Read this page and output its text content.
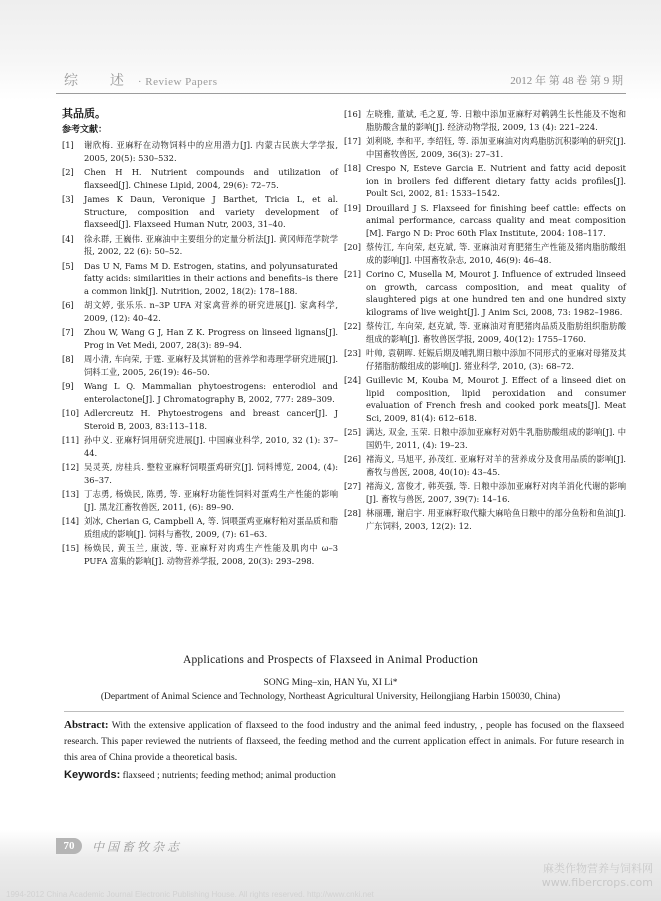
综 述· Review Papers	2012 年 第 48 卷 第 9 期
其品质。
参考文献：
[1] 谢欣梅. 亚麻籽在动物饲料中的应用潜力[J]. 内蒙古民族大学学报, 2005, 20(5): 530–532.
[2] Chen H H. Nutrient compounds and utilization of flaxseed[J]. Chinese Lipid, 2004, 29(6): 72–75.
[3] James K Daun, Veronique J Barthet, Tricia L, et al. Structure, composition and variety development of flaxseed[J]. Flaxseed Human Nutr, 2003, 31–40.
[4] 徐永群, 王巍伟. 亚麻油中主要组分的定量分析法[J]. 黄冈师范学院学报, 2002, 22 (6): 50–52.
[5] Das U N, Fams M D. Estrogen, statins, and polyunsaturated fatty acids: similarities in their actions and benefits–is there a common link[J]. Nutrition, 2002, 18(2): 178–188.
[6] 胡文婷, 张乐乐. n–3P UFA 对家禽营养的研究进展[J]. 家禽科学, 2009, (12): 40–42.
[7] Zhou W, Wang G J, Han Z K. Progress on linseed lignans[J]. Prog in Vet Medi, 2007, 28(3): 89–94.
[8] 周小清, 车向荣, 于霆. 亚麻籽及其饼粕的营养学和毒理学研究进展[J]. 饲料工业, 2005, 26(19): 46–50.
[9] Wang L Q. Mammalian phytoestrogens: enterodiol and enterolactone[J]. J Chromatography B, 2002, 777: 289–309.
[10] Adlercreutz H. Phytoestrogens and breast cancer[J]. J Steroid B, 2003, 83:113–118.
[11] 孙中义. 亚麻籽饲用研究进展[J]. 中国麻业科学, 2010, 32 (1): 37–44.
[12] 吴灵英, 房桂兵. 整粒亚麻籽饲喂蛋鸡研究[J]. 饲料博览, 2004, (4): 36–37.
[13] 丁志勇, 杨焕民, 陈勇, 等. 亚麻籽功能性饲料对蛋鸡生产性能的影响[J]. 黑龙江畜牧兽医, 2011, (6): 89–90.
[14] 刘冰, Cherian G, Campbell A, 等. 饲喂蛋鸡亚麻籽粕对蛋品质和脂质组成的影响[J]. 饲料与畜牧, 2009, (7): 61–63.
[15] 杨焕民, 黄玉兰, 康波, 等. 亚麻籽对肉鸡生产性能及肌肉中 ω–3 PUFA 富集的影响[J]. 动物营养学报, 2008, 20(3): 293–298.
[16] 左晓雅, 董斌, 毛之夏, 等. 日粮中添加亚麻籽对鹌鹑生长性能及不饱和脂肪酸含量的影响[J]. 经济动物学报, 2009, 13 (4): 221–224.
[17] 刘利晓, 李和平, 李绍钰, 等. 添加亚麻油对肉鸡脂肪沉积影响的研究[J]. 中国畜牧兽医, 2009, 36(3): 27–31.
[18] Crespo N, Esteve Garcia E. Nutrient and fatty acid deposit ion in broilers fed different dietary fatty acids profiles[J]. Poult Sci, 2002, 81: 1533–1542.
[19] Drouillard J S. Flaxseed for finishing beef cattle: effects on animal performance, carcass quality and meat composition [M]. Fargo N D: Proc 60th Flax Institute, 2004: 108–117.
[20] 蔡传江, 车向荣, 赵克斌, 等. 亚麻油对育肥猪生产性能及猪肉脂肪酸组成的影响[J]. 中国畜牧杂志, 2010, 46(9): 46–48.
[21] Corino C, Musella M, Mourot J. Influence of extruded linseed on growth, carcass composition, and meat quality of slaughtered pigs at one hundred ten and one hundred sixty kilograms of live weight[J]. J Anim Sci, 2008, 73: 1982–1986.
[22] 蔡传江, 车向荣, 赵克斌, 等. 亚麻油对育肥猪肉品质及脂肪组织脂肪酸组成的影响[J]. 畜牧兽医学报, 2009, 40(12): 1755–1760.
[23] 叶帅, 袁朝晖. 妊娠后期及哺乳期日粮中添加不同形式的亚麻对母猪及其仔猪脂肪酸组成的影响[J]. 猪业科学, 2010, (3): 68–72.
[24] Guillevic M, Kouba M, Mourot J. Effect of a linseed diet on lipid composition, lipid peroxidation and consumer evaluation of French fresh and cooked pork meats[J]. Meat Sci, 2009, 81(4): 612–618.
[25] 满达, 双金, 玉荣. 日粮中添加亚麻籽对奶牛乳脂肪酸组成的影响[J]. 中国奶牛, 2011, (4): 19–23.
[26] 褚海义, 马旭平, 孙茂红. 亚麻籽对羊的营养成分及食用品质的影响[J]. 畜牧与兽医, 2008, 40(10): 43–45.
[27] 褚海义, 富俊才, 韩英强, 等. 日粮中添加亚麻籽对肉羊消化代谢的影响[J]. 畜牧与兽医, 2007, 39(7): 14–16.
[28] 林丽珊, 谢启宇. 用亚麻籽取代糠大麻哈鱼日粮中的部分鱼粉和鱼油[J]. 广东饲料, 2003, 12(2): 12.
Applications and Prospects of Flaxseed in Animal Production
SONG Ming–xin, HAN Yu, XI Li*
(Department of Animal Science and Technology, Northeast Agricultural University, Heilongjiang Harbin 150030, China)
Abstract: With the extensive application of flaxseed to the food industry and the animal feed industry, , people has focused on the flaxseed research. This paper reviewed the nutrients of flaxseed, the feeding method and the current application effect in animals. For future research in this area of China provide a theoretical basis.
Keywords: flaxseed ; nutrients; feeding method; animal production
70	中国畜牧杂志
麻类作物营养与饲料网
www.fibercrops.com
1994-2012 China Academic Journal Electronic Publishing House. All rights reserved. http://www.cnki.net
